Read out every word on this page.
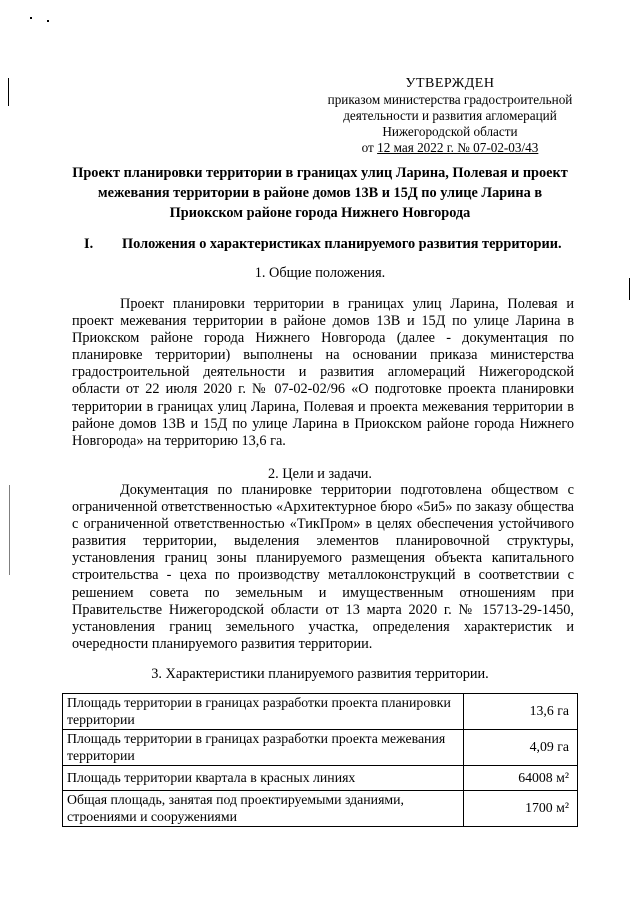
УТВЕРЖДЕН
приказом министерства градостроительной
деятельности и развития агломераций
Нижегородской области
от 12 мая 2022 г. № 07-02-03/43
Проект планировки территории в границах улиц Ларина, Полевая и проект
межевания территории в районе домов 13В и 15Д по улице Ларина в
Приокском районе города Нижнего Новгорода
I. Положения о характеристиках планируемого развития территории.
1. Общие положения.

Проект планировки территории в границах улиц Ларина, Полевая и проект межевания территории в районе домов 13В и 15Д по улице Ларина в Приокском районе города Нижнего Новгорода (далее - документация по планировке территории) выполнены на основании приказа министерства градостроительной деятельности и развития агломераций Нижегородской области от 22 июля 2020 г. № 07-02-02/96 «О подготовке проекта планировки территории в границах улиц Ларина, Полевая и проекта межевания территории в районе домов 13В и 15Д по улице Ларина в Приокском районе города Нижнего Новгорода» на территорию 13,6 га.

2. Цели и задачи.

Документация по планировке территории подготовлена обществом с ограниченной ответственностью «Архитектурное бюро «5и5» по заказу общества с ограниченной ответственностью «ТикПром» в целях обеспечения устойчивого развития территории, выделения элементов планировочной структуры, установления границ зоны планируемого размещения объекта капитального строительства - цеха по производству металлоконструкций в соответствии с решением совета по земельным и имущественным отношениям при Правительстве Нижегородской области от 13 марта 2020 г. № 15713-29-1450, установления границ земельного участка, определения характеристик и очередности планируемого развития территории.

3. Характеристики планируемого развития территории.
Площадь территории в границах разработки проекта планировки территории	13,6 га
Площадь территории в границах разработки проекта межевания территории	4,09 га
Площадь территории квартала в красных линиях	64008 м²
Общая площадь, занятая под проектируемыми зданиями, строениями и сооружениями	1700 м²
